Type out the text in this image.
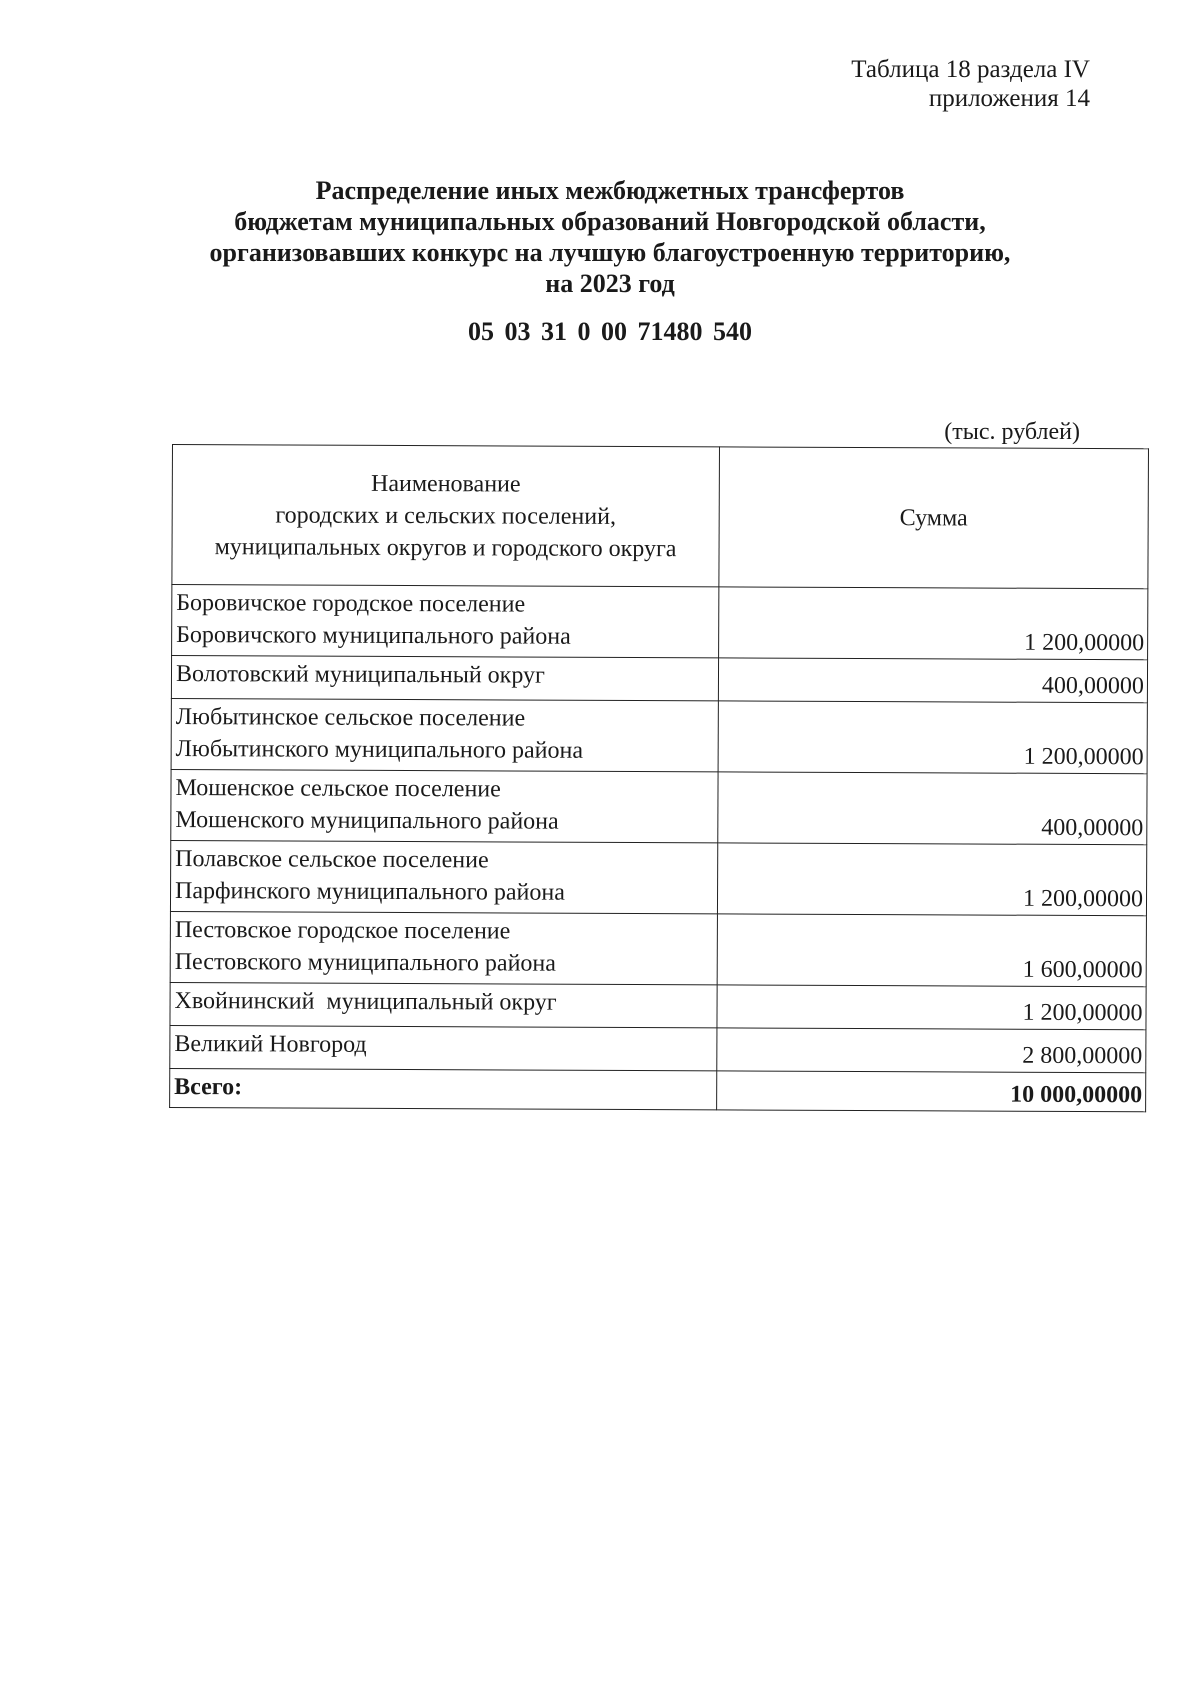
Таблица 18 раздела IV
приложения 14
Распределение иных межбюджетных трансфертов
бюджетам муниципальных образований Новгородской области,
организовавших конкурс на лучшую благоустроенную территорию,
на 2023 год
05 03 31 0 00 71480 540
(тыс. рублей)
Наименование
городских и сельских поселений,
муниципальных округов и городского округа	Сумма

Боровичское городское поселение
Боровичского муниципального района	1 200,00000

Волотовский муниципальный округ	400,00000

Любытинское сельское поселение
Любытинского муниципального района	1 200,00000

Мошенское сельское поселение
Мошенского муниципального района	400,00000

Полавское сельское поселение
Парфинского муниципального района	1 200,00000

Пестовское городское поселение
Пестовского муниципального района	1 600,00000

Хвойнинский  муниципальный округ	1 200,00000

Великий Новгород	2 800,00000
Всего:	10 000,00000
